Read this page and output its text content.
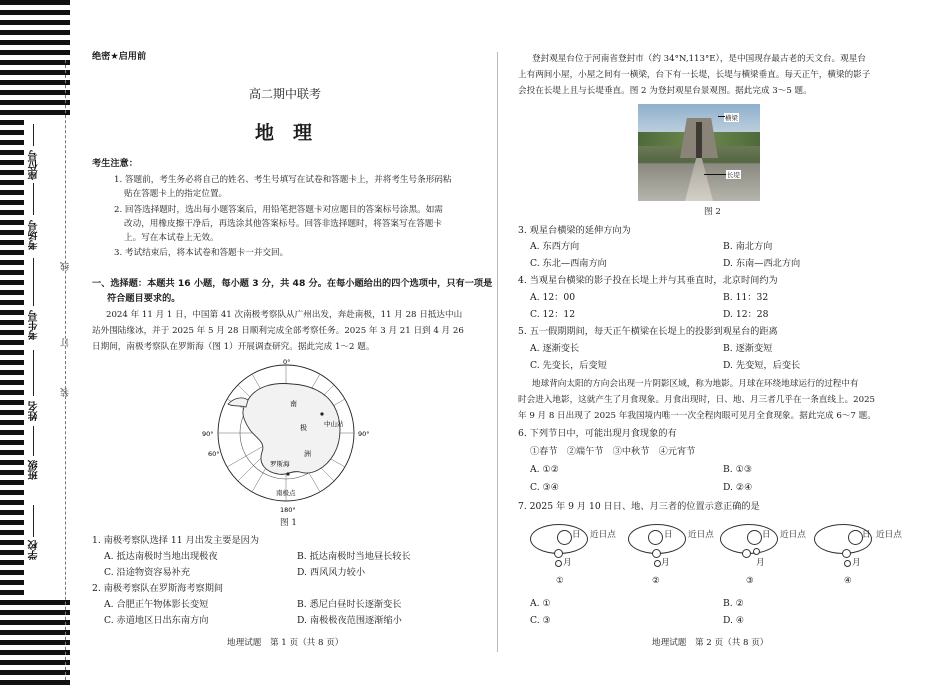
学校
班级
姓名
考生号
考场号
座位号
装
订
线
绝密★启用前
高二期中联考
地　理
考生注意：
1. 答题前，考生务必将自己的姓名、考生号填写在试卷和答题卡上，并将考生号条形码粘
贴在答题卡上的指定位置。
2. 回答选择题时，选出每小题答案后，用铅笔把答题卡对应题目的答案标号涂黑。如需
改动，用橡皮擦干净后，再选涂其他答案标号。回答非选择题时，将答案写在答题卡
上。写在本试卷上无效。
3. 考试结束后，将本试卷和答题卡一并交回。
一、选择题：本题共 16 小题，每小题 3 分，共 48 分。在每小题给出的四个选项中，只有一项是
符合题目要求的。
2024 年 11 月 1 日，中国第 41 次南极考察队从广州出发，奔赴南极，11 月 28 日抵达中山
站外围陆缘冰，并于 2025 年 5 月 28 日顺利完成全部考察任务。2025 年 3 月 21 日到 4 月 26
日期间，南极考察队在罗斯海（图 1）开展调查研究。据此完成 1～2 题。
0°
90°	90°
60°
180°
南
极
洲
中山站
罗斯海
南极点
图 1
1. 南极考察队选择 11 月出发主要是因为
A. 抵达南极时当地出现极夜	B. 抵达南极时当地昼长较长
C. 沿途物资容易补充	D. 西风风力较小
2. 南极考察队在罗斯海考察期间
A. 合肥正午物体影长变短	B. 悉尼白昼时长逐渐变长
C. 赤道地区日出东南方向	D. 南极极夜范围逐渐缩小
地理试题　第 1 页（共 8 页）
登封观星台位于河南省登封市（约 34°N,113°E），是中国现存最古老的天文台。观星台
上有两间小屋，小屋之间有一横梁，台下有一长堤，长堤与横梁垂直。每天正午，横梁的影子
会投在长堤上且与长堤垂直。图 2 为登封观星台景观图。据此完成 3～5 题。
横梁
长堤
图 2
3. 观星台横梁的延伸方向为
A. 东西方向	B. 南北方向
C. 东北—西南方向	D. 东南—西北方向
4. 当观星台横梁的影子投在长堤上并与其垂直时，北京时间约为
A. 12：00	B. 11：32
C. 12：12	D. 12：28
5. 五一假期期间，每天正午横梁在长堤上的投影到观星台的距离
A. 逐渐变长	B. 逐渐变短
C. 先变长，后变短	D. 先变短，后变长
地球背向太阳的方向会出现一片阴影区域，称为地影。月球在环绕地球运行的过程中有
时会进入地影，这就产生了月食现象。月食出现时，日、地、月三者几乎在一条直线上。2025
年 9 月 8 日出现了 2025 年我国境内唯一一次全程肉眼可见月全食现象。据此完成 6～7 题。
6. 下列节日中，可能出现月食现象的有
①春节　②端午节　③中秋节　④元宵节
A. ①②	B. ①③
C. ③④	D. ②④
7. 2025 年 9 月 10 日日、地、月三者的位置示意正确的是
日 近日点
月
①
日 近日点
月
②
日 近日点
月
③
日 近日点
月
④
A. ①	B. ②
C. ③	D. ④
地理试题　第 2 页（共 8 页）
